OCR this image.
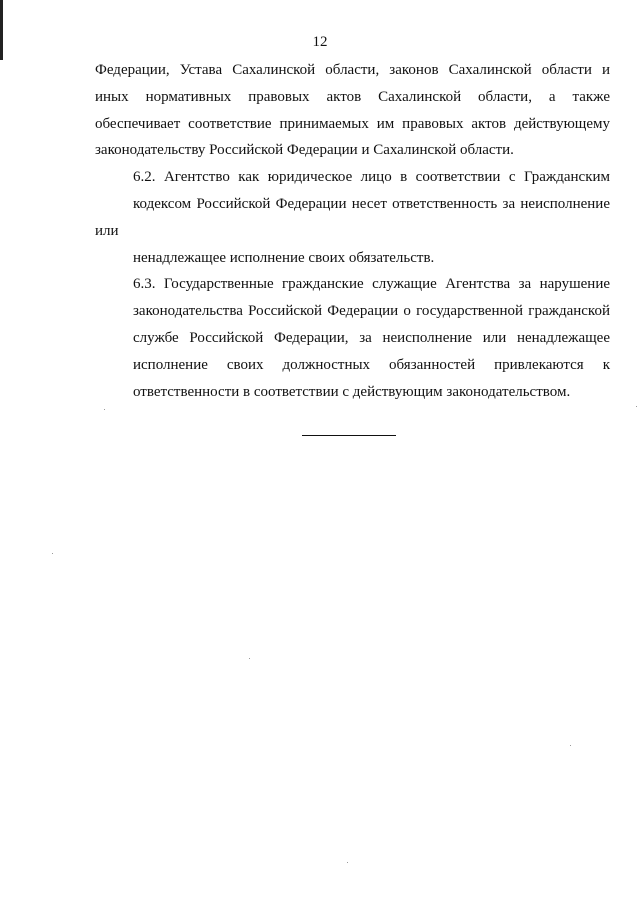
12

Федерации, Устава Сахалинской области, законов Сахалинской области и
иных нормативных правовых актов Сахалинской области, а также
обеспечивает соответствие принимаемых им правовых актов действующему
законодательству Российской Федерации и Сахалинской области.

6.2. Агентство как юридическое лицо в соответствии с Гражданским
кодексом Российской Федерации несет ответственность за неисполнение или
ненадлежащее исполнение своих обязательств.

6.3. Государственные гражданские служащие Агентства за нарушение
законодательства Российской Федерации о государственной гражданской
службе Российской Федерации, за неисполнение или ненадлежащее
исполнение своих должностных обязанностей привлекаются к
ответственности в соответствии с действующим законодательством.
